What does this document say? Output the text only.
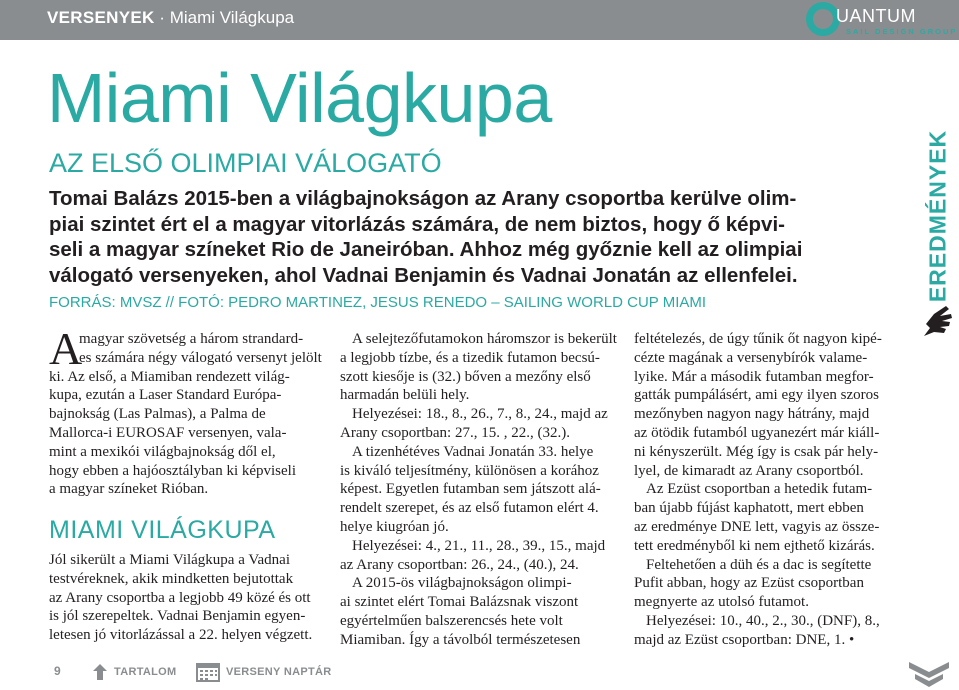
VERSENYEK · Miami Világkupa	UANTUM
SAIL DESIGN GROUP
Miami Világkupa
AZ ELSŐ OLIMPIAI VÁLOGATÓ
Tomai Balázs 2015-ben a világbajnokságon az Arany csoportba kerülve olim-
piai szintet ért el a magyar vitorlázás számára, de nem biztos, hogy ő képvi-
seli a magyar színeket Rio de Janeiróban. Ahhoz még győznie kell az olimpiai
válogató versenyeken, ahol Vadnai Benjamin és Vadnai Jonatán az ellenfelei.
FORRÁS: MVSZ // FOTÓ: PEDRO MARTINEZ, JESUS RENEDO – SAILING WORLD CUP MIAMI
A
magyar szövetség a három strandard-
es számára négy válogató versenyt jelölt
ki. Az első, a Miamiban rendezett világ-
kupa, ezután a Laser Standard Európa-
bajnokság (Las Palmas), a Palma de
Mallorca-i EUROSAF versenyen, vala-
mint a mexikói világbajnokság dől el,
hogy ebben a hajóosztályban ki képviseli
a magyar színeket Rióban.
MIAMI VILÁGKUPA
Jól sikerült a Miami Világkupa a Vadnai
testvéreknek, akik mindketten bejutottak
az Arany csoportba a legjobb 49 közé és ott
is jól szerepeltek. Vadnai Benjamin egyen-
letesen jó vitorlázással a 22. helyen végzett.
A selejtezőfutamokon háromszor is bekerült
a legjobb tízbe, és a tizedik futamon becsú-
szott kiesője is (32.) bőven a mezőny első
harmadán belüli hely.
Helyezései: 18., 8., 26., 7., 8., 24., majd az
Arany csoportban: 27., 15. , 22., (32.).
A tizenhétéves Vadnai Jonatán 33. helye
is kiváló teljesítmény, különösen a korához
képest. Egyetlen futamban sem játszott alá-
rendelt szerepet, és az első futamon elért 4.
helye kiugróan jó.
Helyezései: 4., 21., 11., 28., 39., 15., majd
az Arany csoportban: 26., 24., (40.), 24.
A 2015-ös világbajnokságon olimpi-
ai szintet elért Tomai Balázsnak viszont
egyértelműen balszerencsés hete volt
Miamiban. Így a távolból természetesen
feltételezés, de úgy tűnik őt nagyon kipé-
cézte magának a versenybírók valame-
lyike. Már a második futamban megfor-
gatták pumpálásért, ami egy ilyen szoros
mezőnyben nagyon nagy hátrány, majd
az ötödik futamból ugyanezért már kiáll-
ni kényszerült. Még így is csak pár hely-
lyel, de kimaradt az Arany csoportból.
Az Ezüst csoportban a hetedik futam-
ban újabb fújást kaphatott, mert ebben
az eredménye DNE lett, vagyis az össze-
tett eredményből ki nem ejthető kizárás.
Feltehetően a düh és a dac is segítette
Pufit abban, hogy az Ezüst csoportban
megnyerte az utolsó futamot.
Helyezései: 10., 40., 2., 30., (DNF), 8.,
majd az Ezüst csoportban: DNE, 1. •
EREDMÉNYEK
9	TARTALOM	VERSENY NAPTÁR
